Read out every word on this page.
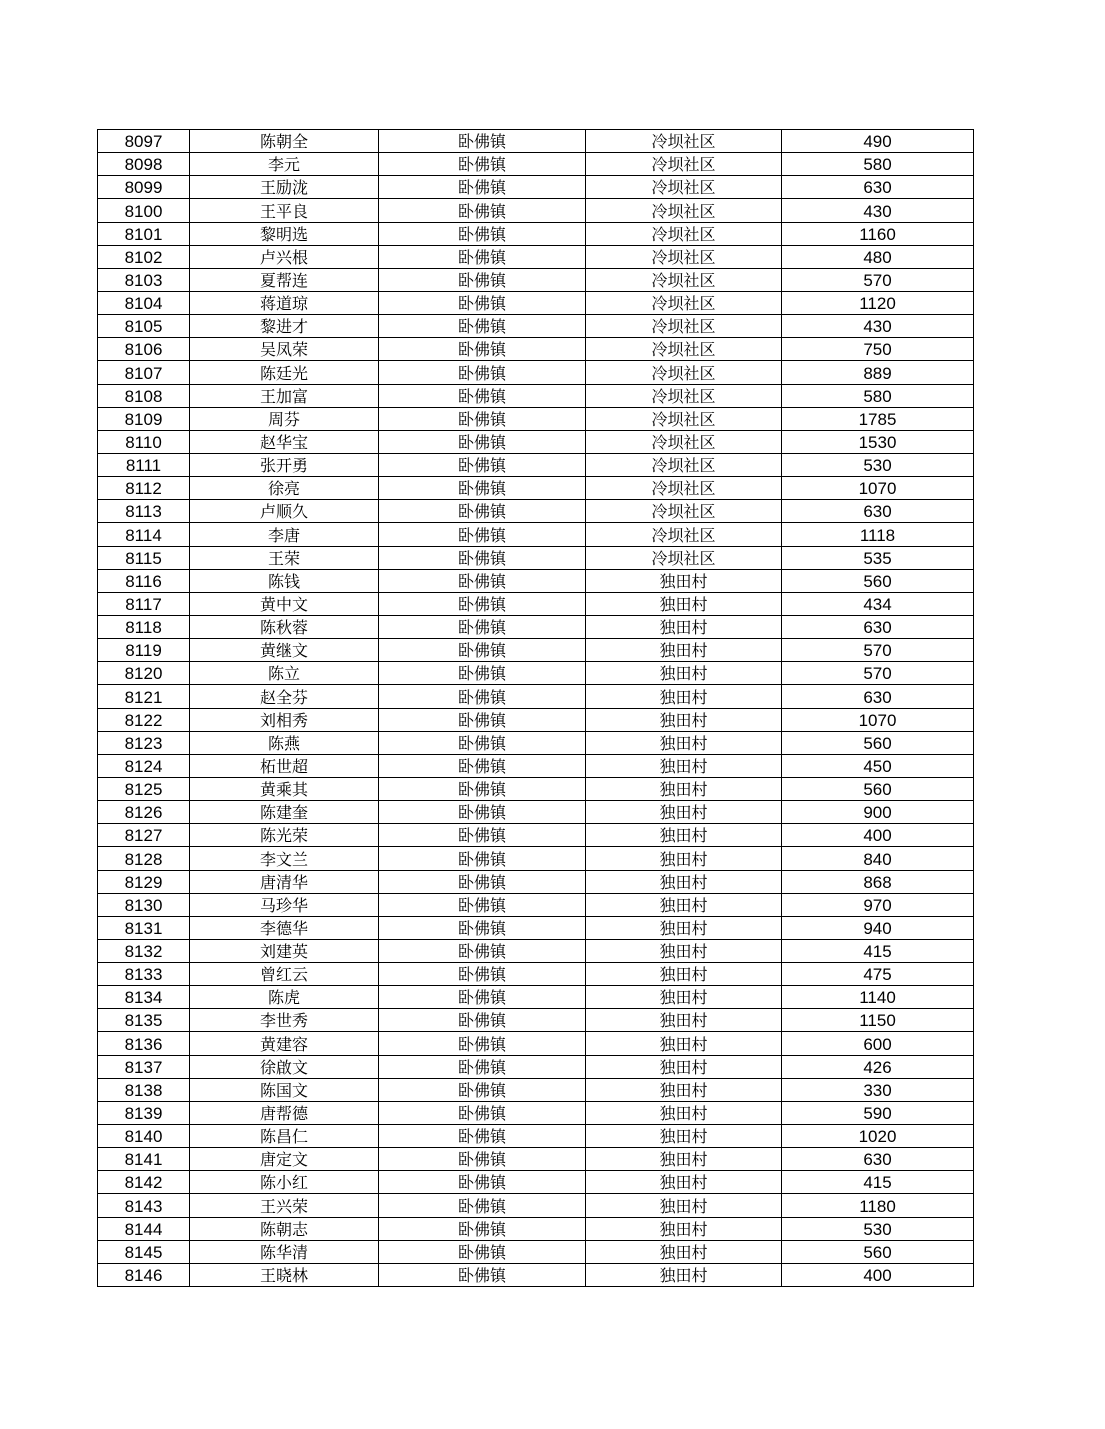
8097	陈朝全	卧佛镇	冷坝社区	490
8098	李元	卧佛镇	冷坝社区	580
8099	王励泷	卧佛镇	冷坝社区	630
8100	王平良	卧佛镇	冷坝社区	430
8101	黎明选	卧佛镇	冷坝社区	1160
8102	卢兴根	卧佛镇	冷坝社区	480
8103	夏帮连	卧佛镇	冷坝社区	570
8104	蒋道琼	卧佛镇	冷坝社区	1120
8105	黎进才	卧佛镇	冷坝社区	430
8106	吴凤荣	卧佛镇	冷坝社区	750
8107	陈廷光	卧佛镇	冷坝社区	889
8108	王加富	卧佛镇	冷坝社区	580
8109	周芬	卧佛镇	冷坝社区	1785
8110	赵华宝	卧佛镇	冷坝社区	1530
8111	张开勇	卧佛镇	冷坝社区	530
8112	徐亮	卧佛镇	冷坝社区	1070
8113	卢顺久	卧佛镇	冷坝社区	630
8114	李唐	卧佛镇	冷坝社区	1118
8115	王荣	卧佛镇	冷坝社区	535
8116	陈钱	卧佛镇	独田村	560
8117	黄中文	卧佛镇	独田村	434
8118	陈秋蓉	卧佛镇	独田村	630
8119	黄继文	卧佛镇	独田村	570
8120	陈立	卧佛镇	独田村	570
8121	赵全芬	卧佛镇	独田村	630
8122	刘相秀	卧佛镇	独田村	1070
8123	陈燕	卧佛镇	独田村	560
8124	柘世超	卧佛镇	独田村	450
8125	黄乘其	卧佛镇	独田村	560
8126	陈建奎	卧佛镇	独田村	900
8127	陈光荣	卧佛镇	独田村	400
8128	李文兰	卧佛镇	独田村	840
8129	唐清华	卧佛镇	独田村	868
8130	马珍华	卧佛镇	独田村	970
8131	李德华	卧佛镇	独田村	940
8132	刘建英	卧佛镇	独田村	415
8133	曾红云	卧佛镇	独田村	475
8134	陈虎	卧佛镇	独田村	1140
8135	李世秀	卧佛镇	独田村	1150
8136	黄建容	卧佛镇	独田村	600
8137	徐啟文	卧佛镇	独田村	426
8138	陈国文	卧佛镇	独田村	330
8139	唐帮德	卧佛镇	独田村	590
8140	陈昌仁	卧佛镇	独田村	1020
8141	唐定文	卧佛镇	独田村	630
8142	陈小红	卧佛镇	独田村	415
8143	王兴荣	卧佛镇	独田村	1180
8144	陈朝志	卧佛镇	独田村	530
8145	陈华清	卧佛镇	独田村	560
8146	王晓林	卧佛镇	独田村	400
